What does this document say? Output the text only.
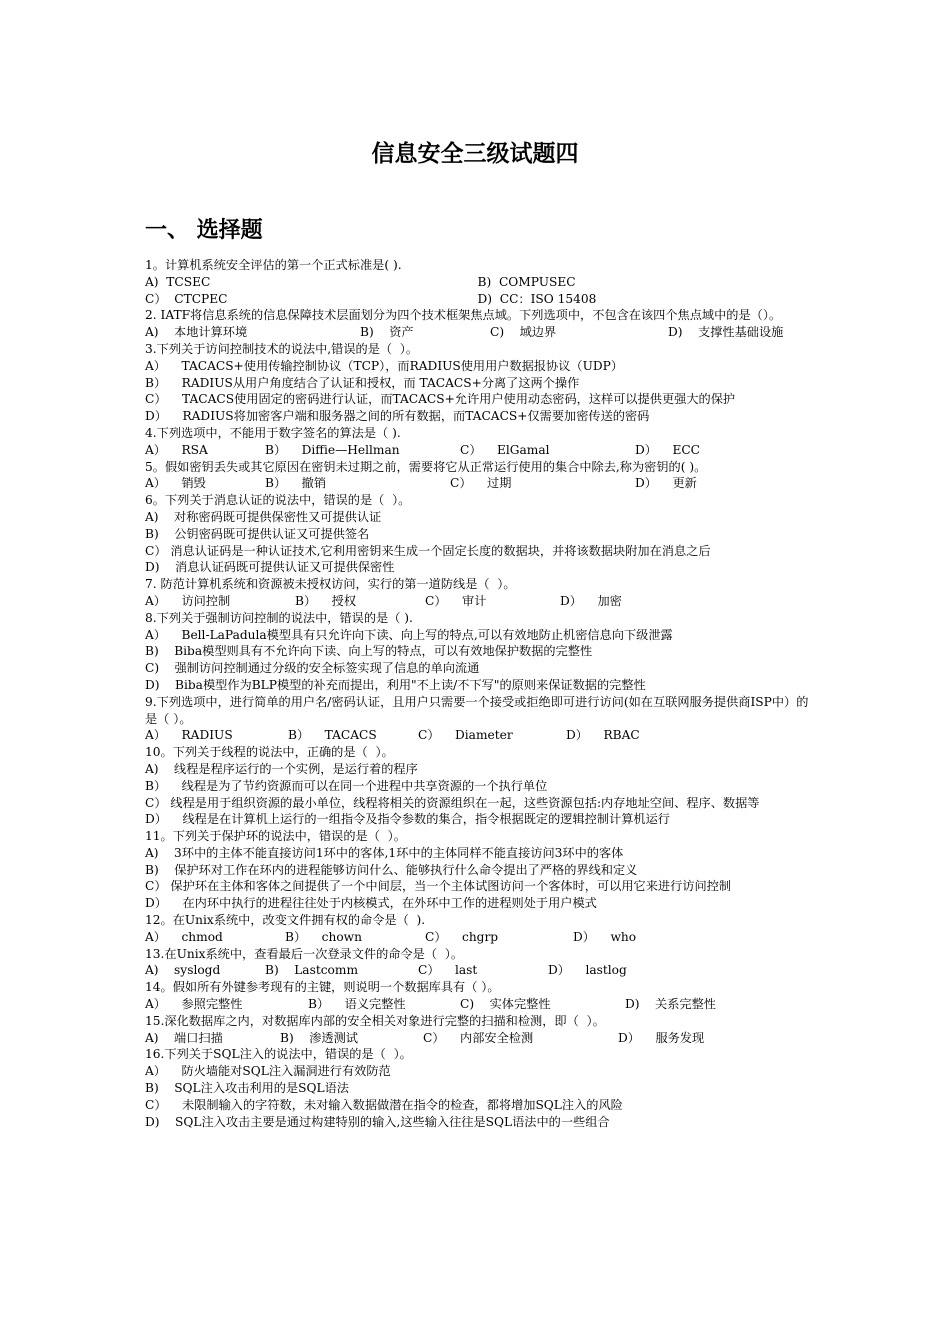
信息安全三级试题四
一、 选择题
1。计算机系统安全评估的第一个正式标准是( ).
A)  TCSEC	B)  COMPUSEC
C）  CTCPEC	D)  CC：ISO 15408
2. IATF将信息系统的信息保障技术层面划分为四个技术框架焦点域。下列选项中，不包含在该四个焦点域中的是（）。
A)    本地计算环境	B)    资产	C)    域边界	D)    支撑性基础设施
3.下列关于访问控制技术的说法中,错误的是（  ）。
A）    TACACS+使用传输控制协议（TCP），而RADIUS使用用户数据报协议（UDP）
B）    RADIUS从用户角度结合了认证和授权，而 TACACS+分离了这两个操作
C）    TACACS使用固定的密码进行认证，而TACACS+允许用户使用动态密码，这样可以提供更强大的保护
D）    RADIUS将加密客户端和服务器之间的所有数据，而TACACS+仅需要加密传送的密码
4.下列选项中，不能用于数字签名的算法是（ ).
A）    RSA	B）    Diffie—Hellman	C）    ElGamal	D）    ECC
5。假如密钥丢失或其它原因在密钥未过期之前，需要将它从正常运行使用的集合中除去,称为密钥的( )。
A）    销毁	B）    撤销	C）    过期	D）    更新
6。下列关于消息认证的说法中，错误的是（  ）。
A)    对称密码既可提供保密性又可提供认证
B)    公钥密码既可提供认证又可提供签名
C） 消息认证码是一种认证技术,它利用密钥来生成一个固定长度的数据块，并将该数据块附加在消息之后
D)    消息认证码既可提供认证又可提供保密性
7. 防范计算机系统和资源被未授权访问，实行的第一道防线是（  ）。
A）    访问控制	B）    授权	C）    审计	D）    加密
8.下列关于强制访问控制的说法中，错误的是（ ).
A）    Bell-LaPadula模型具有只允许向下读、向上写的特点,可以有效地防止机密信息向下级泄露
B)    Biba模型则具有不允许向下读、向上写的特点，可以有效地保护数据的完整性
C)    强制访问控制通过分级的安全标签实现了信息的单向流通
D)    Biba模型作为BLP模型的补充而提出，利用"不上读/不下写"的原则来保证数据的完整性
9.下列选项中，进行简单的用户名/密码认证，且用户只需要一个接受或拒绝即可进行访问(如在互联网服务提供商ISP中）的是（ ）。
A）    RADIUS	B）    TACACS	C）    Diameter	D）    RBAC
10。下列关于线程的说法中，正确的是（  ）。
A)    线程是程序运行的一个实例，是运行着的程序
B）    线程是为了节约资源而可以在同一个进程中共享资源的一个执行单位
C） 线程是用于组织资源的最小单位，线程将相关的资源组织在一起，这些资源包括:内存地址空间、程序、数据等
D）    线程是在计算机上运行的一组指令及指令参数的集合，指令根据既定的逻辑控制计算机运行
11。下列关于保护环的说法中，错误的是（  ）。
A)    3环中的主体不能直接访问1环中的客体,1环中的主体同样不能直接访问3环中的客体
B)    保护环对工作在环内的进程能够访问什么、能够执行什么命令提出了严格的界线和定义
C） 保护环在主体和客体之间提供了一个中间层，当一个主体试图访问一个客体时，可以用它来进行访问控制
D）    在内环中执行的进程往往处于内核模式，在外环中工作的进程则处于用户模式
12。在Unix系统中，改变文件拥有权的命令是（  ).
A）    chmod	B）    chown	C）    chgrp	D）    who
13.在Unix系统中，查看最后一次登录文件的命令是（  ）。
A)    syslogd	B)    Lastcomm	C）    last	D）    lastlog
14。假如所有外键参考现有的主键，则说明一个数据库具有（ ）。
A）    参照完整性	B）    语义完整性	C)    实体完整性	D)    关系完整性
15.深化数据库之内，对数据库内部的安全相关对象进行完整的扫描和检测，即（  ）。
A)    端口扫描	B)    渗透测试	C）    内部安全检测	D）    服务发现
16.下列关于SQL注入的说法中，错误的是（  ）。
A）    防火墙能对SQL注入漏洞进行有效防范
B)    SQL注入攻击利用的是SQL语法
C）    未限制输入的字符数，未对输入数据做潜在指令的检查，都将增加SQL注入的风险
D)    SQL注入攻击主要是通过构建特别的输入,这些输入往往是SQL语法中的一些组合
